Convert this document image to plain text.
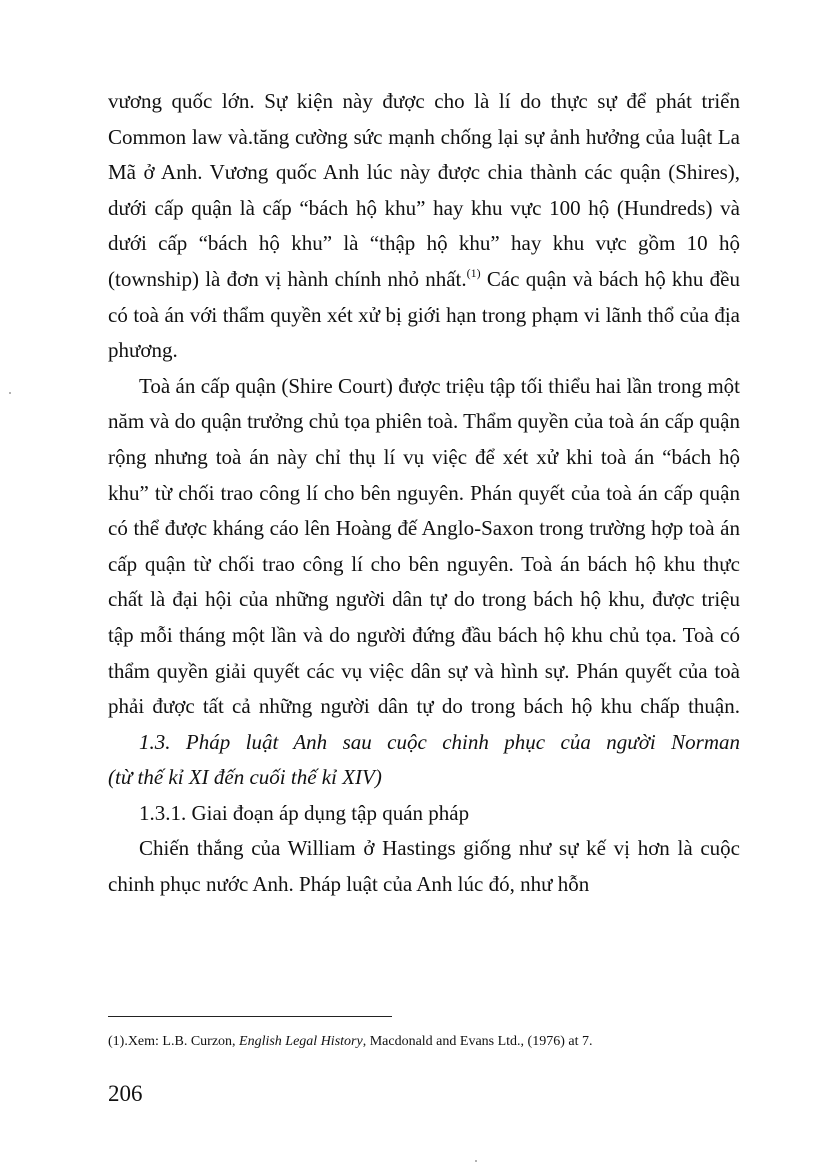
vương quốc lớn. Sự kiện này được cho là lí do thực sự để phát triển Common law và.tăng cường sức mạnh chống lại sự ảnh hưởng của luật La Mã ở Anh. Vương quốc Anh lúc này được chia thành các quận (Shires), dưới cấp quận là cấp “bách hộ khu” hay khu vực 100 hộ (Hundreds) và dưới cấp “bách hộ khu” là “thập hộ khu” hay khu vực gồm 10 hộ (township) là đơn vị hành chính nhỏ nhất.$^{(1)}$ Các quận và bách hộ khu đều có toà án với thẩm quyền xét xử bị giới hạn trong phạm vi lãnh thổ của địa phương.

Toà án cấp quận (Shire Court) được triệu tập tối thiểu hai lần trong một năm và do quận trưởng chủ tọa phiên toà. Thẩm quyền của toà án cấp quận rộng nhưng toà án này chỉ thụ lí vụ việc để xét xử khi toà án “bách hộ khu” từ chối trao công lí cho bên nguyên. Phán quyết của toà án cấp quận có thể được kháng cáo lên Hoàng đế Anglo-Saxon trong trường hợp toà án cấp quận từ chối trao công lí cho bên nguyên. Toà án bách hộ khu thực chất là đại hội của những người dân tự do trong bách hộ khu, được triệu tập mỗi tháng một lần và do người đứng đầu bách hộ khu chủ tọa. Toà có thẩm quyền giải quyết các vụ việc dân sự và hình sự. Phán quyết của toà phải được tất cả những người dân tự do trong bách hộ khu chấp thuận.

1.3. Pháp luật Anh sau cuộc chinh phục của người Norman
(từ thế kỉ XI đến cuối thế kỉ XIV)

1.3.1. Giai đoạn áp dụng tập quán pháp

Chiến thắng của William ở Hastings giống như sự kế vị hơn là cuộc chinh phục nước Anh. Pháp luật của Anh lúc đó, như hỗn

(1).Xem: L.B. Curzon, English Legal History, Macdonald and Evans Ltd., (1976) at 7.
206
